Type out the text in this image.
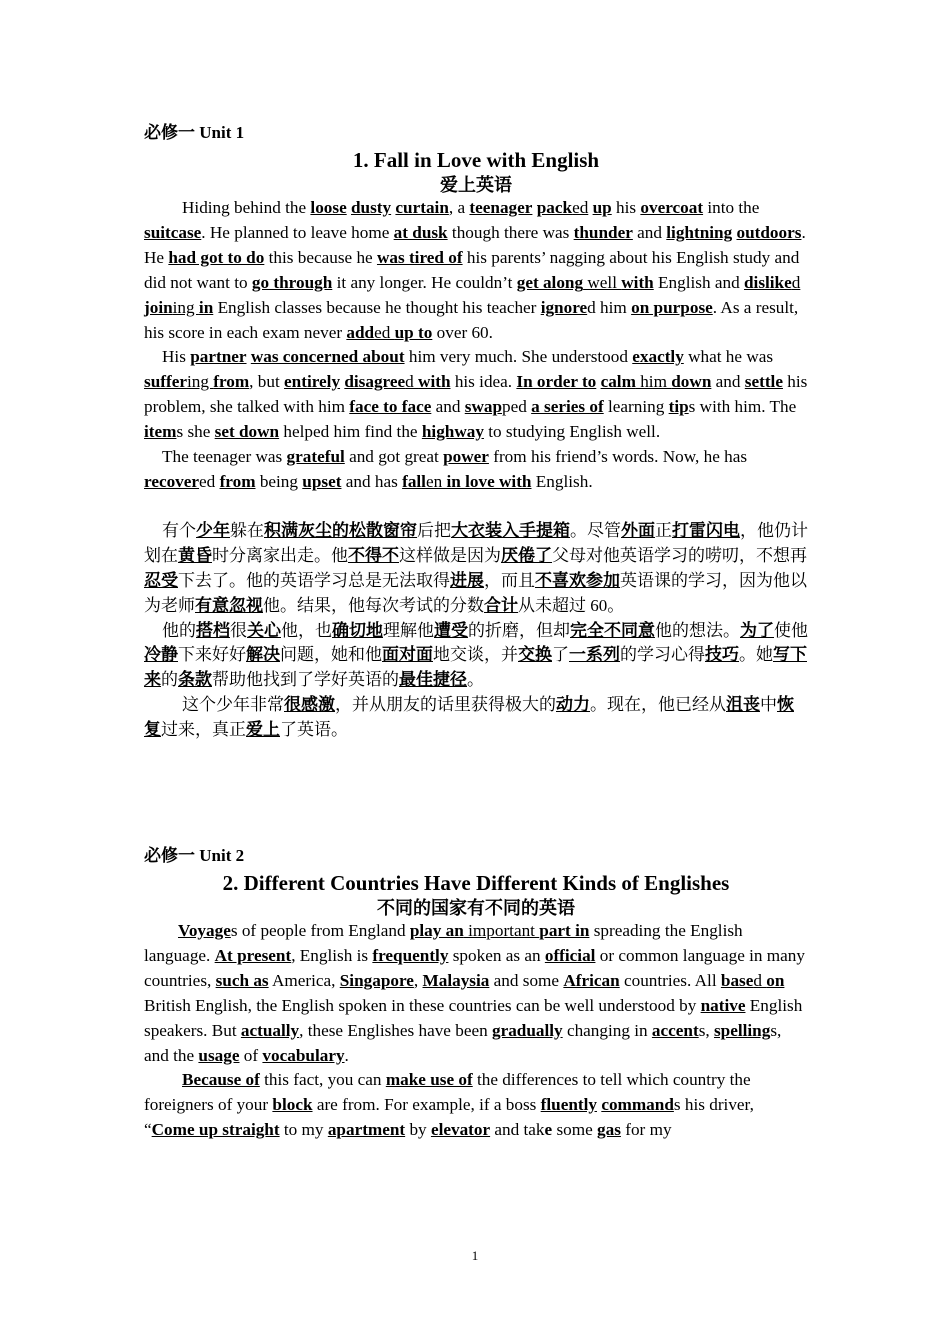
必修一 Unit 1

1. Fall in Love with English

爱上英语

Hiding behind the loose dusty curtain, a teenager packed up his overcoat into the suitcase. He planned to leave home at dusk though there was thunder and lightning outdoors. He had got to do this because he was tired of his parents’ nagging about his English study and did not want to go through it any longer. He couldn’t get along well with English and disliked joining in English classes because he thought his teacher ignored him on purpose. As a result, his score in each exam never added up to over 60.

His partner was concerned about him very much. She understood exactly what he was suffering from, but entirely disagreed with his idea. In order to calm him down and settle his problem, she talked with him face to face and swapped a series of learning tips with him. The items she set down helped him find the highway to studying English well.

The teenager was grateful and got great power from his friend’s words. Now, he has recovered from being upset and has fallen in love with English.

有个少年躲在积满灰尘的松散窗帘后把大衣装入手提箱。尽管外面正打雷闪电，他仍计划在黄昏时分离家出走。他不得不这样做是因为厌倦了父母对他英语学习的唠叨，不想再忍受下去了。他的英语学习总是无法取得进展，而且不喜欢参加英语课的学习，因为他以为老师有意忽视他。结果，他每次考试的分数合计从未超过 60。

他的搭档很关心他，也确切地理解他遭受的折磨，但却完全不同意他的想法。为了使他冷静下来好好解决问题，她和他面对面地交谈，并交换了一系列的学习心得技巧。她写下来的条款帮助他找到了学好英语的最佳捷径。

这个少年非常很感激，并从朋友的话里获得极大的动力。现在，他已经从沮丧中恢复过来，真正爱上了英语。

必修一 Unit 2

2. Different Countries Have Different Kinds of Englishes

不同的国家有不同的英语

Voyages of people from England play an important part in spreading the English language. At present, English is frequently spoken as an official or common language in many countries, such as America, Singapore, Malaysia and some African countries. All based on British English, the English spoken in these countries can be well understood by native English speakers. But actually, these Englishes have been gradually changing in accents, spellings, and the usage of vocabulary.

Because of this fact, you can make use of the differences to tell which country the foreigners of your block are from. For example, if a boss fluently commands his driver, “Come up straight to my apartment by elevator and take some gas for my

1
